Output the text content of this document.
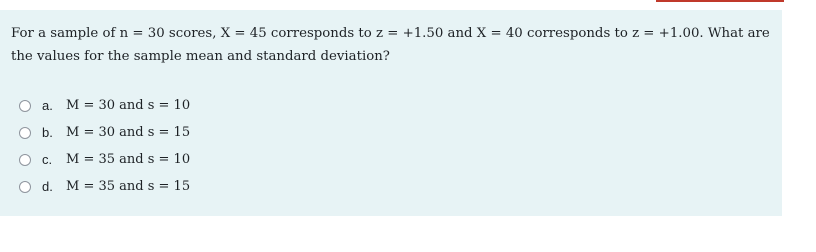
For a sample of n = 30 scores, X = 45 corresponds to z = +1.50 and X = 40 corresponds to z = +1.00. What are the values for the sample mean and standard deviation?

a.	M = 30 and s = 10
b.	M = 30 and s = 15
c.	M = 35 and s = 10
d.	M = 35 and s = 15
